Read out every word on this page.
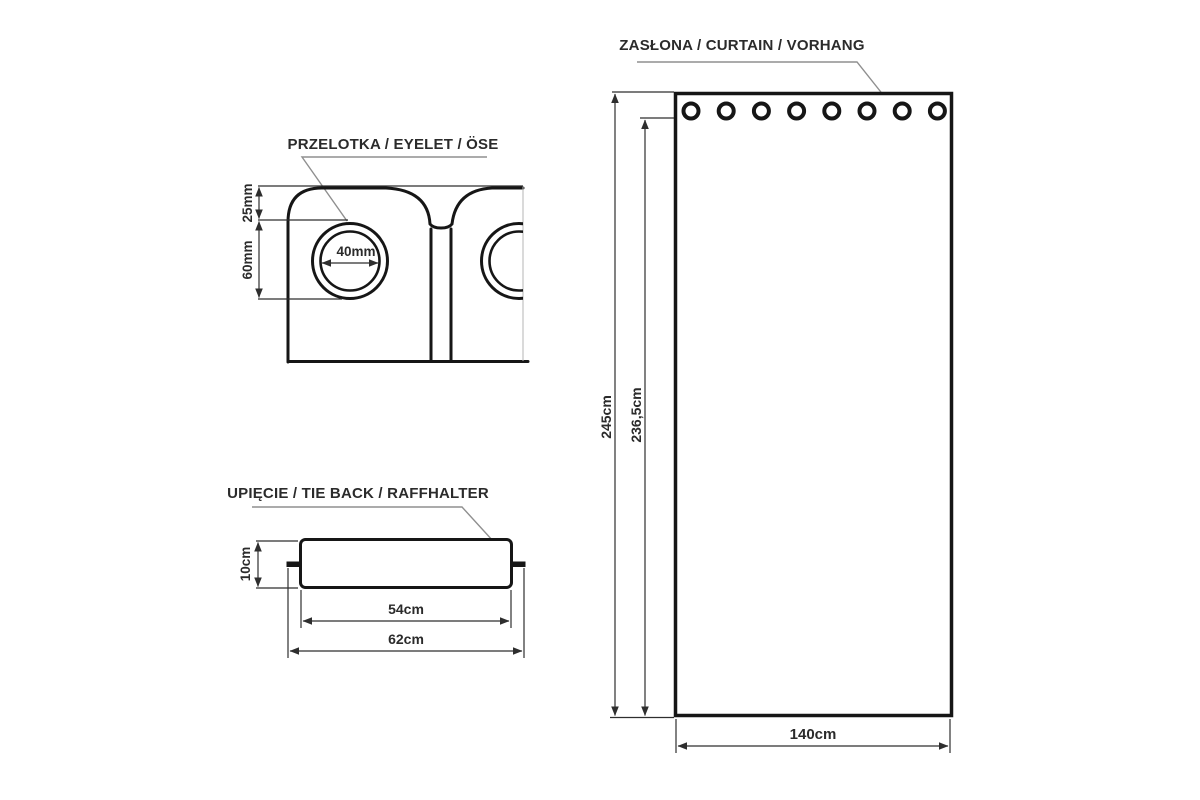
PRZELOTKA / EYELET / ÖSE
25mm
60mm	40mm
UPIĘCIE / TIE BACK / RAFFHALTER
10cm
54cm
62cm
ZASŁONA / CURTAIN / VORHANG
245cm 236,5cm
140cm
